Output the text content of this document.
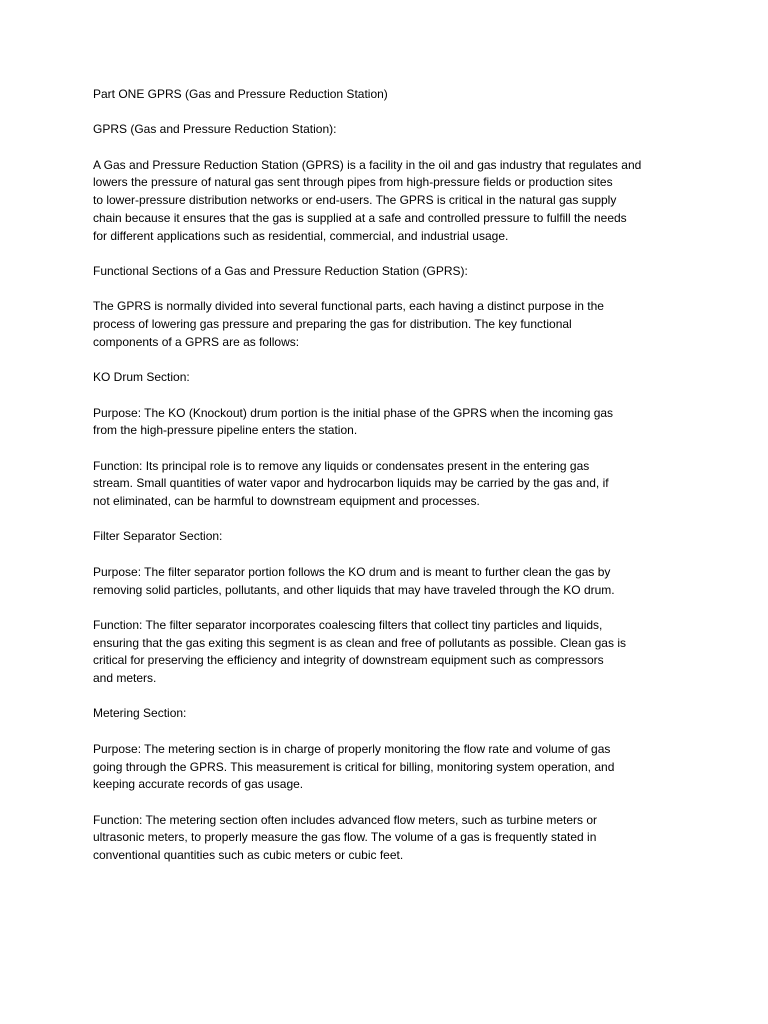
Part ONE GPRS (Gas and Pressure Reduction Station)

GPRS (Gas and Pressure Reduction Station):

A Gas and Pressure Reduction Station (GPRS) is a facility in the oil and gas industry that regulates and
lowers the pressure of natural gas sent through pipes from high-pressure fields or production sites
to lower-pressure distribution networks or end-users. The GPRS is critical in the natural gas supply
chain because it ensures that the gas is supplied at a safe and controlled pressure to fulfill the needs
for different applications such as residential, commercial, and industrial usage.

Functional Sections of a Gas and Pressure Reduction Station (GPRS):

The GPRS is normally divided into several functional parts, each having a distinct purpose in the
process of lowering gas pressure and preparing the gas for distribution. The key functional
components of a GPRS are as follows:

KO Drum Section:

Purpose: The KO (Knockout) drum portion is the initial phase of the GPRS when the incoming gas
from the high-pressure pipeline enters the station.

Function: Its principal role is to remove any liquids or condensates present in the entering gas
stream. Small quantities of water vapor and hydrocarbon liquids may be carried by the gas and, if
not eliminated, can be harmful to downstream equipment and processes.

Filter Separator Section:

Purpose: The filter separator portion follows the KO drum and is meant to further clean the gas by
removing solid particles, pollutants, and other liquids that may have traveled through the KO drum.

Function: The filter separator incorporates coalescing filters that collect tiny particles and liquids,
ensuring that the gas exiting this segment is as clean and free of pollutants as possible. Clean gas is
critical for preserving the efficiency and integrity of downstream equipment such as compressors
and meters.

Metering Section:

Purpose: The metering section is in charge of properly monitoring the flow rate and volume of gas
going through the GPRS. This measurement is critical for billing, monitoring system operation, and
keeping accurate records of gas usage.

Function: The metering section often includes advanced flow meters, such as turbine meters or
ultrasonic meters, to properly measure the gas flow. The volume of a gas is frequently stated in
conventional quantities such as cubic meters or cubic feet.
